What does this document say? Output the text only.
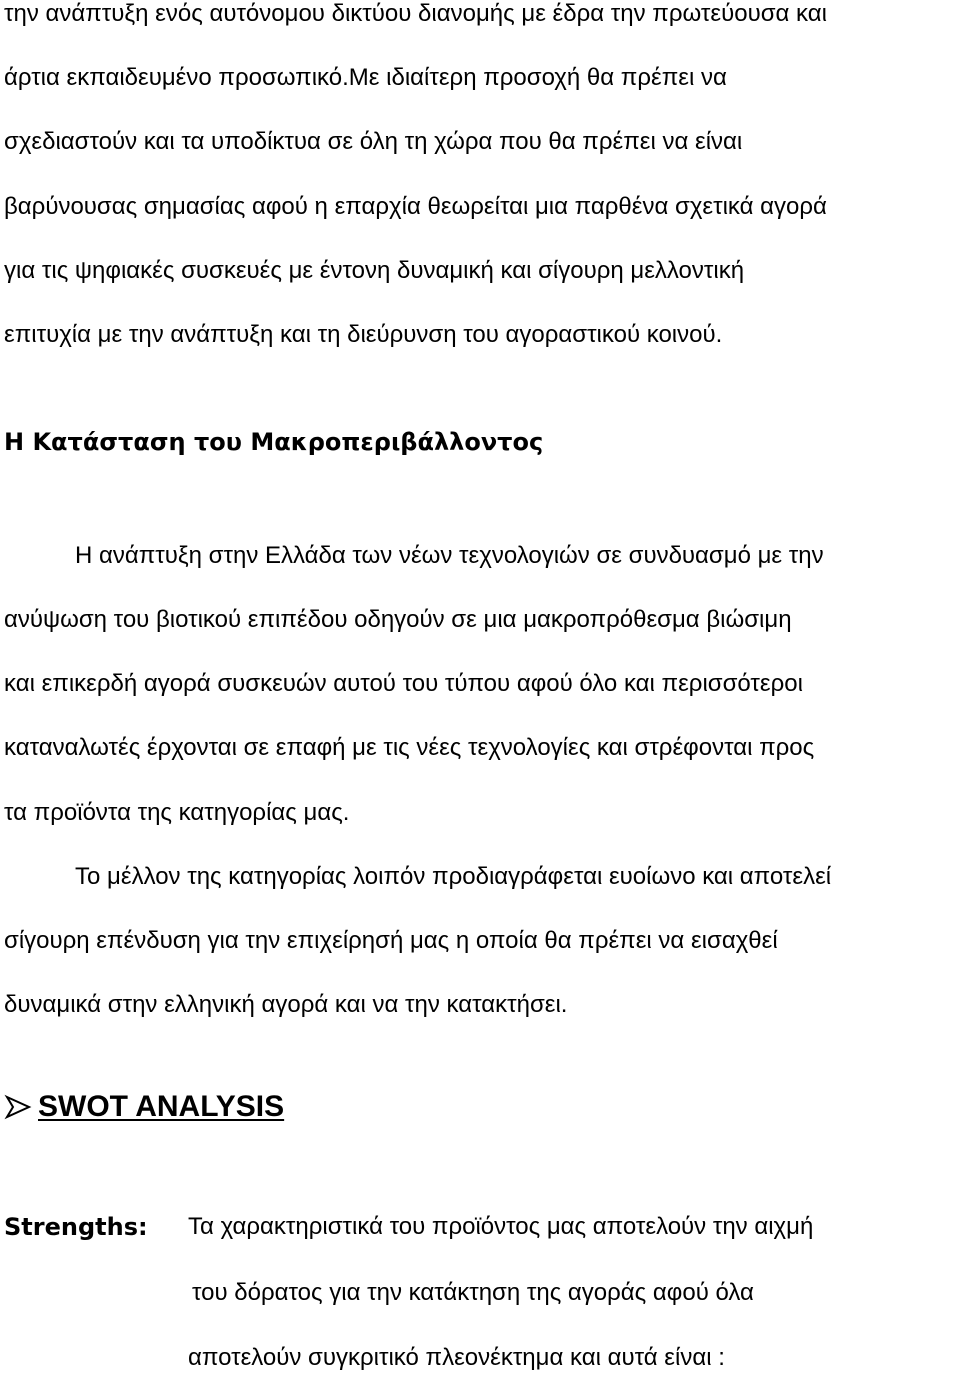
την ανάπτυξη ενός αυτόνομου δικτύου διανομής με έδρα την πρωτεύουσα και
άρτια εκπαιδευμένο προσωπικό.Με ιδιαίτερη προσοχή θα πρέπει να
σχεδιαστούν και τα υποδίκτυα σε όλη τη χώρα που θα πρέπει να είναι
βαρύνουσας σημασίας αφού η επαρχία θεωρείται μια παρθένα σχετικά αγορά
για τις ψηφιακές συσκευές με έντονη δυναμική και σίγουρη μελλοντική
επιτυχία με την ανάπτυξη και τη διεύρυνση του αγοραστικού κοινού.
Η Κατάσταση του Μακροπεριβάλλοντος
Η ανάπτυξη στην Ελλάδα των νέων τεχνολογιών σε συνδυασμό με την
ανύψωση του βιοτικού επιπέδου οδηγούν σε μια μακροπρόθεσμα βιώσιμη
και επικερδή αγορά συσκευών αυτού του τύπου αφού όλο και περισσότεροι
καταναλωτές έρχονται σε επαφή με τις νέες τεχνολογίες και στρέφονται προς
τα προϊόντα της κατηγορίας μας.
Το μέλλον της κατηγορίας λοιπόν προδιαγράφεται ευοίωνο και αποτελεί
σίγουρη επένδυση για την επιχείρησή μας η οποία θα πρέπει να εισαχθεί
δυναμικά στην ελληνική αγορά και να την κατακτήσει.
SWOT ANALYSIS
Strengths: Τα χαρακτηριστικά του προϊόντος μας αποτελούν την αιχμή
του δόρατος για την κατάκτηση της αγοράς αφού όλα
αποτελούν συγκριτικό πλεονέκτημα και αυτά είναι :
